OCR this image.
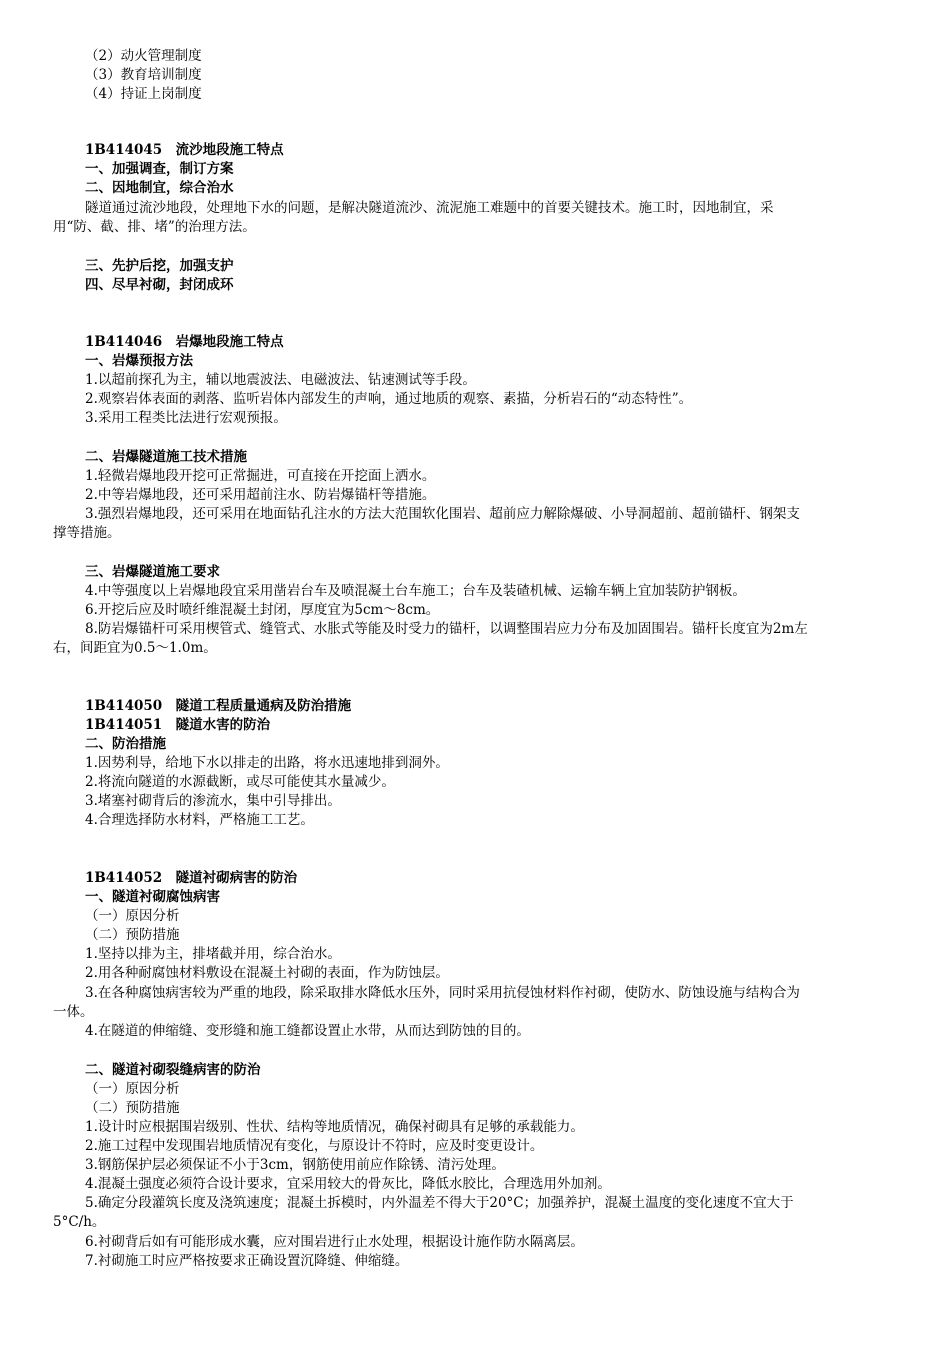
（2）动火管理制度
（3）教育培训制度
（4）持证上岗制度
1B414045　流沙地段施工特点
一、加强调查，制订方案
二、因地制宜，综合治水
隧道通过流沙地段，处理地下水的问题，是解决隧道流沙、流泥施工难题中的首要关键技术。施工时，因地制宜，采
用“防、截、排、堵”的治理方法。
三、先护后挖，加强支护
四、尽早衬砌，封闭成环
1B414046　岩爆地段施工特点
一、岩爆预报方法
1.以超前探孔为主，辅以地震波法、电磁波法、钻速测试等手段。
2.观察岩体表面的剥落、监听岩体内部发生的声响，通过地质的观察、素描，分析岩石的“动态特性”。
3.采用工程类比法进行宏观预报。
二、岩爆隧道施工技术措施
1.轻微岩爆地段开挖可正常掘进，可直接在开挖面上洒水。
2.中等岩爆地段，还可采用超前注水、防岩爆锚杆等措施。
3.强烈岩爆地段，还可采用在地面钻孔注水的方法大范围软化围岩、超前应力解除爆破、小导洞超前、超前锚杆、钢架支
撑等措施。
三、岩爆隧道施工要求
4.中等强度以上岩爆地段宜采用凿岩台车及喷混凝土台车施工；台车及装碴机械、运输车辆上宜加装防护钢板。
6.开挖后应及时喷纤维混凝土封闭，厚度宜为5cm～8cm。
8.防岩爆锚杆可采用楔管式、缝管式、水胀式等能及时受力的锚杆，以调整围岩应力分布及加固围岩。锚杆长度宜为2m左
右，间距宜为0.5～1.0m。
1B414050　隧道工程质量通病及防治措施
1B414051　隧道水害的防治
二、防治措施
1.因势利导，给地下水以排走的出路，将水迅速地排到洞外。
2.将流向隧道的水源截断，或尽可能使其水量减少。
3.堵塞衬砌背后的渗流水，集中引导排出。
4.合理选择防水材料，严格施工工艺。
1B414052　隧道衬砌病害的防治
一、隧道衬砌腐蚀病害
（一）原因分析
（二）预防措施
1.坚持以排为主，排堵截并用，综合治水。
2.用各种耐腐蚀材料敷设在混凝土衬砌的表面，作为防蚀层。
3.在各种腐蚀病害较为严重的地段，除采取排水降低水压外，同时采用抗侵蚀材料作衬砌，使防水、防蚀设施与结构合为
一体。
4.在隧道的伸缩缝、变形缝和施工缝都设置止水带，从而达到防蚀的目的。
二、隧道衬砌裂缝病害的防治
（一）原因分析
（二）预防措施
1.设计时应根据围岩级别、性状、结构等地质情况，确保衬砌具有足够的承载能力。
2.施工过程中发现围岩地质情况有变化，与原设计不符时，应及时变更设计。
3.钢筋保护层必须保证不小于3cm，钢筋使用前应作除锈、清污处理。
4.混凝土强度必须符合设计要求，宜采用较大的骨灰比，降低水胶比，合理选用外加剂。
5.确定分段灌筑长度及浇筑速度；混凝土拆模时，内外温差不得大于20°C；加强养护，混凝土温度的变化速度不宜大于
5°C/h。
6.衬砌背后如有可能形成水囊，应对围岩进行止水处理，根据设计施作防水隔离层。
7.衬砌施工时应严格按要求正确设置沉降缝、伸缩缝。
